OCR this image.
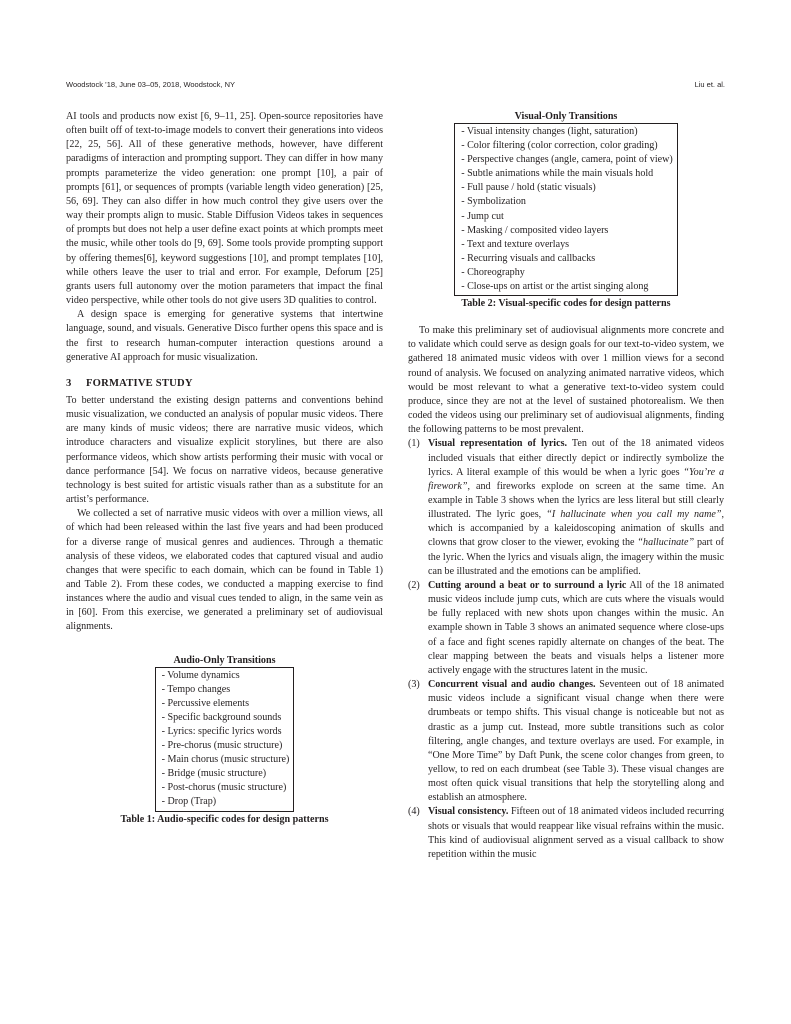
Woodstock ’18, June 03–05, 2018, Woodstock, NY	Liu et. al.

AI tools and products now exist [6, 9–11, 25]. Open-source repositories have often built off of text-to-image models to convert their generations into videos [22, 25, 56]. All of these generative methods, however, have different paradigms of interaction and prompting support. They can differ in how many prompts parameterize the video generation: one prompt [10], a pair of prompts [61], or sequences of prompts (variable length video generation) [25, 56, 69]. They can also differ in how much control they give users over the way their prompts align to music. Stable Diffusion Videos takes in sequences of prompts but does not help a user define exact points at which prompts meet the music, while other tools do [9, 69]. Some tools provide prompting support by offering themes[6], keyword suggestions [10], and prompt templates [10], while others leave the user to trial and error. For example, Deforum [25] grants users full autonomy over the motion parameters that impact the final video perspective, while other tools do not give users 3D qualities to control.

A design space is emerging for generative systems that intertwine language, sound, and visuals. Generative Disco further opens this space and is the first to research human-computer interaction questions around a generative AI approach for music visualization.

3 FORMATIVE STUDY

To better understand the existing design patterns and conventions behind music visualization, we conducted an analysis of popular music videos. There are many kinds of music videos; there are narrative music videos, which introduce characters and visualize explicit storylines, but there are also performance videos, which show artists performing their music with vocal or dance performance [54]. We focus on narrative videos, because generative technology is best suited for artistic visuals rather than as a substitute for an artist’s performance.

We collected a set of narrative music videos with over a million views, all of which had been released within the last five years and had been produced for a diverse range of musical genres and audiences. Through a thematic analysis of these videos, we elaborated codes that captured visual and audio changes that were specific to each domain, which can be found in Table 1) and Table 2). From these codes, we conducted a mapping exercise to find instances where the audio and visual cues tended to align, in the same vein as in [60]. From this exercise, we generated a preliminary set of audiovisual alignments.

Audio-Only Transitions
- Volume dynamics
- Tempo changes
- Percussive elements
- Specific background sounds
- Lyrics: specific lyrics words
- Pre-chorus (music structure)
- Main chorus (music structure)
- Bridge (music structure)
- Post-chorus (music structure)
- Drop (Trap)
Table 1: Audio-specific codes for design patterns
Visual-Only Transitions
- Visual intensity changes (light, saturation)
- Color filtering (color correction, color grading)
- Perspective changes (angle, camera, point of view)
- Subtle animations while the main visuals hold
- Full pause / hold (static visuals)
- Symbolization
- Jump cut
- Masking / composited video layers
- Text and texture overlays
- Recurring visuals and callbacks
- Choreography
- Close-ups on artist or the artist singing along
Table 2: Visual-specific codes for design patterns

To make this preliminary set of audiovisual alignments more concrete and to validate which could serve as design goals for our text-to-video system, we gathered 18 animated music videos with over 1 million views for a second round of analysis. We focused on analyzing animated narrative videos, which would be most relevant to what a generative text-to-video system could produce, since they are not at the level of sustained photorealism. We then coded the videos using our preliminary set of audiovisual alignments, finding the following patterns to be most prevalent.

(1) Visual representation of lyrics. Ten out of the 18 animated videos included visuals that either directly depict or indirectly symbolize the lyrics. A literal example of this would be when a lyric goes “You’re a firework”, and fireworks explode on screen at the same time. An example in Table 3 shows when the lyrics are less literal but still clearly illustrated. The lyric goes, “I hallucinate when you call my name”, which is accompanied by a kaleidoscoping animation of skulls and clowns that grow closer to the viewer, evoking the “hallucinate” part of the lyric. When the lyrics and visuals align, the imagery within the music can be illustrated and the emotions can be amplified.
(2) Cutting around a beat or to surround a lyric All of the 18 animated music videos include jump cuts, which are cuts where the visuals would be fully replaced with new shots upon changes within the music. An example shown in Table 3 shows an animated sequence where close-ups of a face and fight scenes rapidly alternate on changes of the beat. The clear mapping between the beats and visuals helps a listener more actively engage with the structures latent in the music.
(3) Concurrent visual and audio changes. Seventeen out of 18 animated music videos include a significant visual change when there were drumbeats or tempo shifts. This visual change is noticeable but not as drastic as a jump cut. Instead, more subtle transitions such as color filtering, angle changes, and texture overlays are used. For example, in “One More Time” by Daft Punk, the scene color changes from green, to yellow, to red on each drumbeat (see Table 3). These visual changes are most often quick visual transitions that help the storytelling along and establish an atmosphere.
(4) Visual consistency. Fifteen out of 18 animated videos included recurring shots or visuals that would reappear like visual refrains within the music. This kind of audiovisual alignment served as a visual callback to show repetition within the music
